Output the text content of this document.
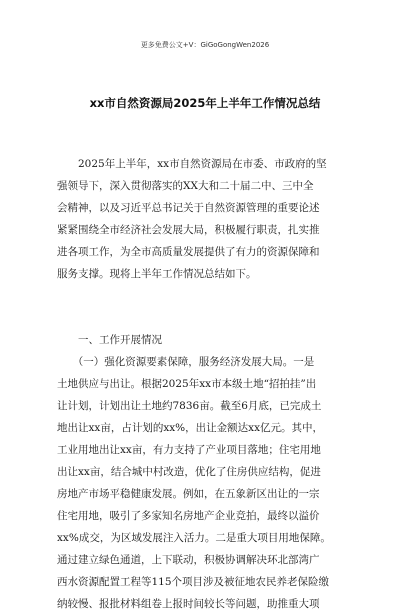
更多免费公文+V：GiGoGongWen2026
xx市自然资源局2025年上半年工作情况总结
　　2025年上半年，xx市自然资源局在市委、市政府的坚
强领导下，深入贯彻落实的XX大和二十届二中、三中全
会精神，以及习近平总书记关于自然资源管理的重要论述
紧紧围绕全市经济社会发展大局，积极履行职责，扎实推
进各项工作，为全市高质量发展提供了有力的资源保障和
服务支撑。现将上半年工作情况总结如下。
　　一、工作开展情况
　　（一）强化资源要素保障，服务经济发展大局。一是
土地供应与出让。根据2025年xx市本级土地“招拍挂”出
让计划，计划出让土地约7836亩。截至6月底，已完成土
地出让xx亩，占计划的xx%，出让金额达xx亿元。其中，
工业用地出让xx亩，有力支持了产业项目落地；住宅用地
出让xx亩，结合城中村改造，优化了住房供应结构，促进
房地产市场平稳健康发展。例如，在五象新区出让的一宗
住宅用地，吸引了多家知名房地产企业竞拍，最终以溢价
xx%成交，为区域发展注入活力。二是重大项目用地保障。
通过建立绿色通道，上下联动，积极协调解决环北部湾广
西水资源配置工程等115个项目涉及被征地农民养老保险缴
纳较慢、报批材料组卷上报时间较长等问题，助推重大项
